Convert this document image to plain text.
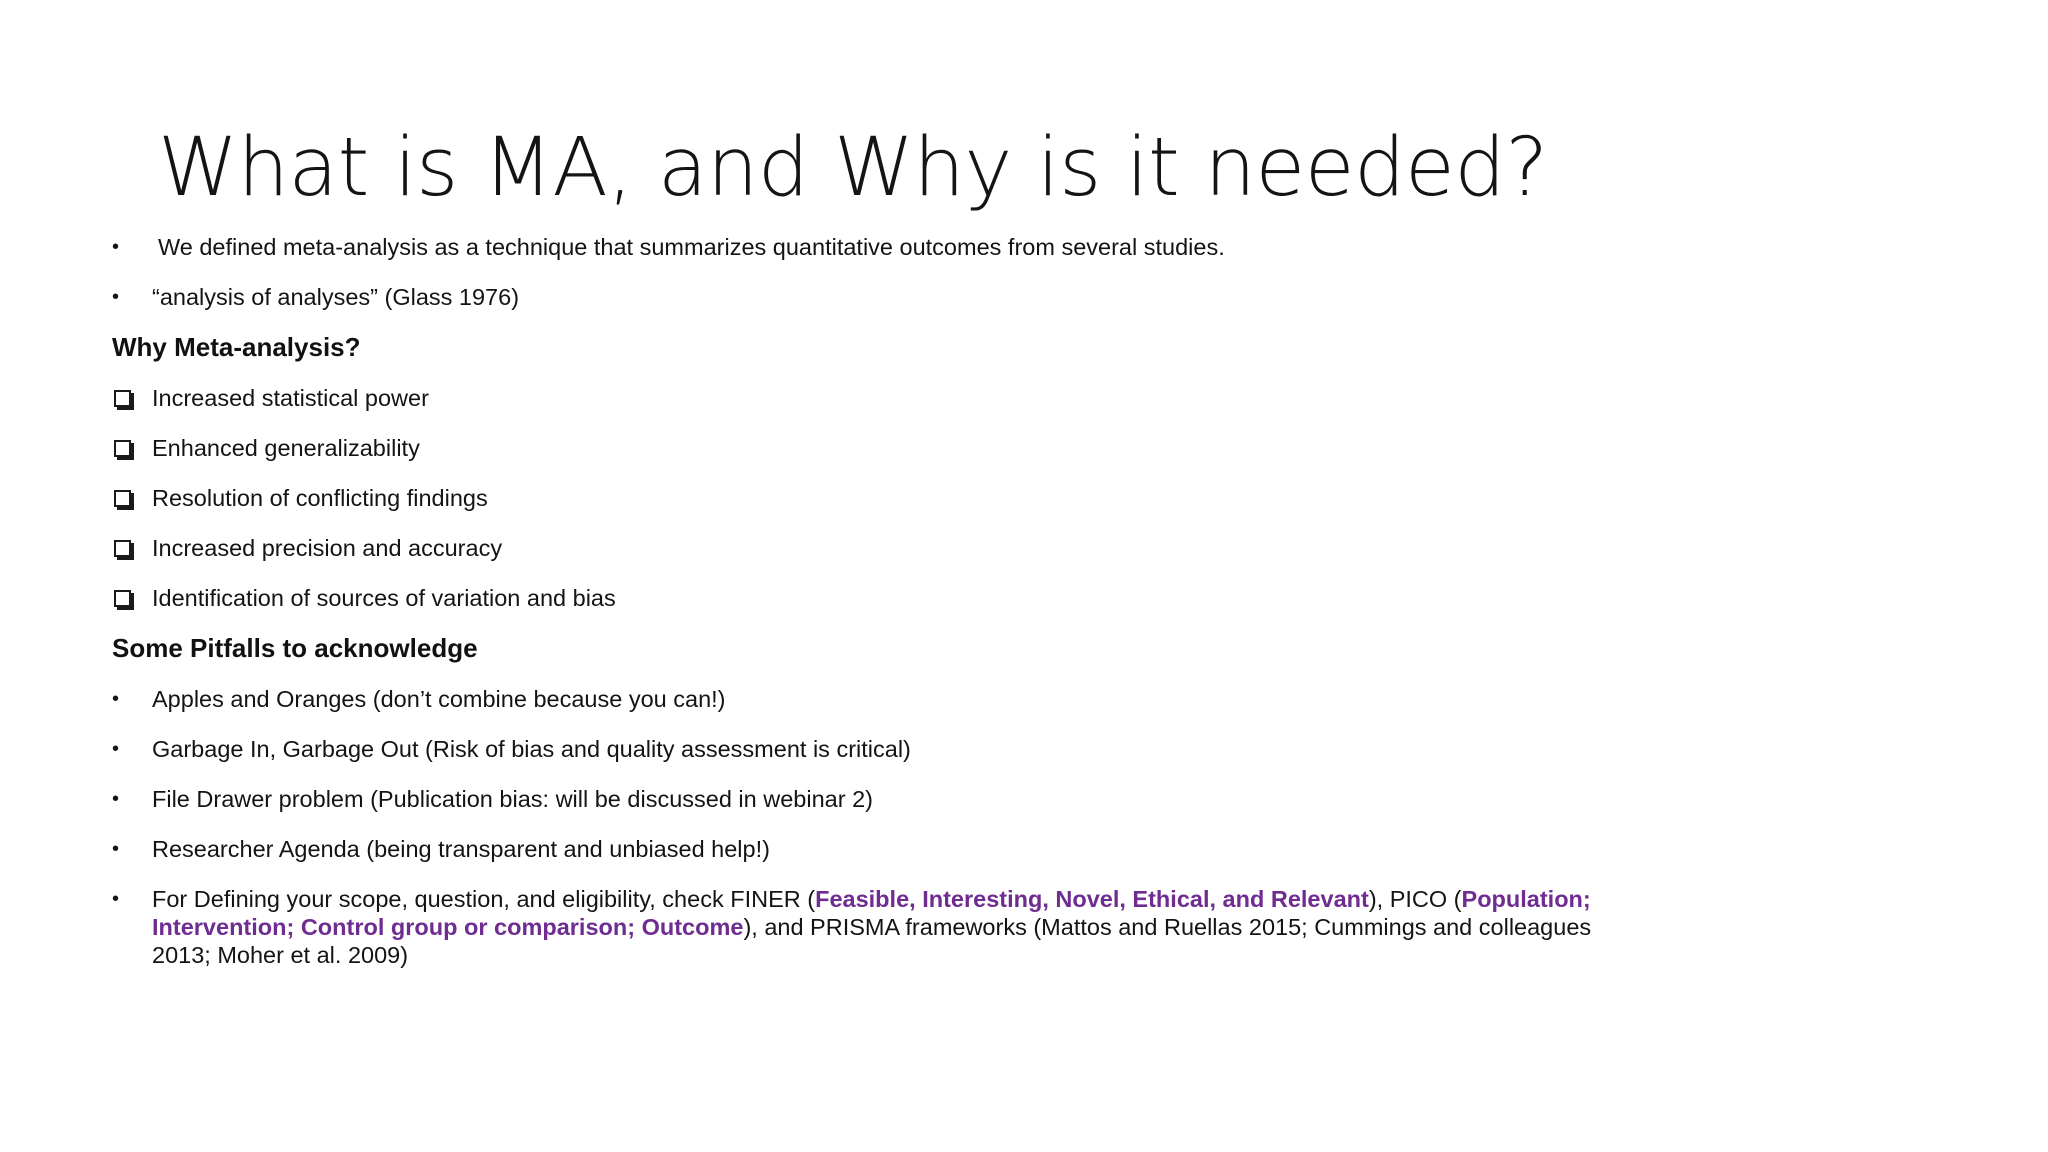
What is MA, and Why is it needed?
•	We defined meta-analysis as a technique that summarizes quantitative outcomes from several studies.
•	“analysis of analyses” (Glass 1976)
Why Meta-analysis?
Increased statistical power
Enhanced generalizability
Resolution of conflicting findings
Increased precision and accuracy
Identification of sources of variation and bias
Some Pitfalls to acknowledge
•	Apples and Oranges (don’t combine because you can!)
•	Garbage In, Garbage Out (Risk of bias and quality assessment is critical)
•	File Drawer problem (Publication bias: will be discussed in webinar 2)
•	Researcher Agenda (being transparent and unbiased help!)
•	For Defining your scope, question, and eligibility, check FINER (Feasible, Interesting, Novel, Ethical, and Relevant), PICO (Population; Intervention; Control group or comparison; Outcome), and PRISMA frameworks (Mattos and Ruellas 2015; Cummings and colleagues 2013; Moher et al. 2009)
